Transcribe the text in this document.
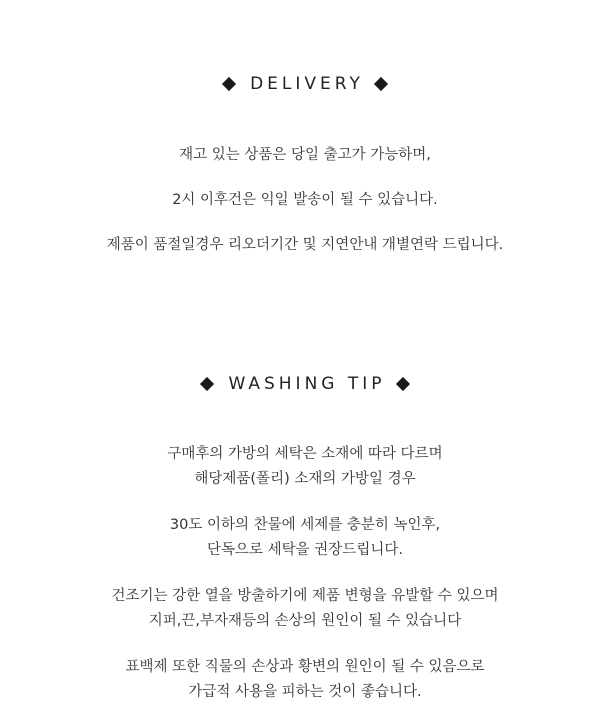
DELIVERY
재고 있는 상품은 당일 출고가 가능하며,
2시 이후건은 익일 발송이 될 수 있습니다.
제품이 품절일경우 리오더기간 및 지연안내 개별연락 드립니다.
WASHING TIP
구매후의 가방의 세탁은 소재에 따라 다르며
해당제품(폴리) 소재의 가방일 경우
30도 이하의 찬물에 세제를 충분히 녹인후,
단독으로 세탁을 권장드립니다.
건조기는 강한 열을 방출하기에 제품 변형을 유발할 수 있으며
지퍼,끈,부자재등의 손상의 원인이 될 수 있습니다
표백제 또한 직물의 손상과 황변의 원인이 될 수 있음으로
가급적 사용을 피하는 것이 좋습니다.
